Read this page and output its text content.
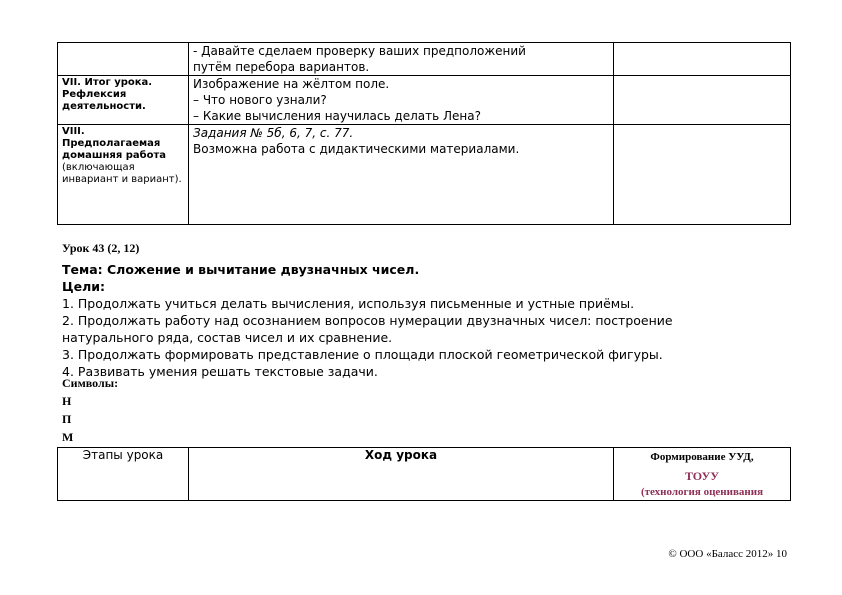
	- Давайте сделаем проверку ваших предположений
путём перебора вариантов.	

VII. Итог урока. Рефлексия деятельности.	Изображение на жёлтом поле.
– Что нового узнали?
– Какие вычисления научилась делать Лена?	

VIII. Предполагаемая домашняя работа (включающая инвариант и вариант).	Задания № 5б, 6, 7, с. 77.
Возможна работа с дидактическими материалами.	

Урок 43 (2, 12)
Тема: Сложение и вычитание двузначных чисел.
Цели:
1. Продолжать учиться делать вычисления, используя письменные и устные приёмы.
2. Продолжать работу над осознанием вопросов нумерации двузначных чисел: построение
натурального ряда, состав чисел и их сравнение.
3. Продолжать формировать представление о площади плоской геометрической фигуры.
4. Развивать умения решать текстовые задачи.
Символы:
Н
П
М
Этапы урока	Ход урока	Формирование УУД,
ТОУУ
(технология оценивания
© ООО «Баласс 2012» 10
